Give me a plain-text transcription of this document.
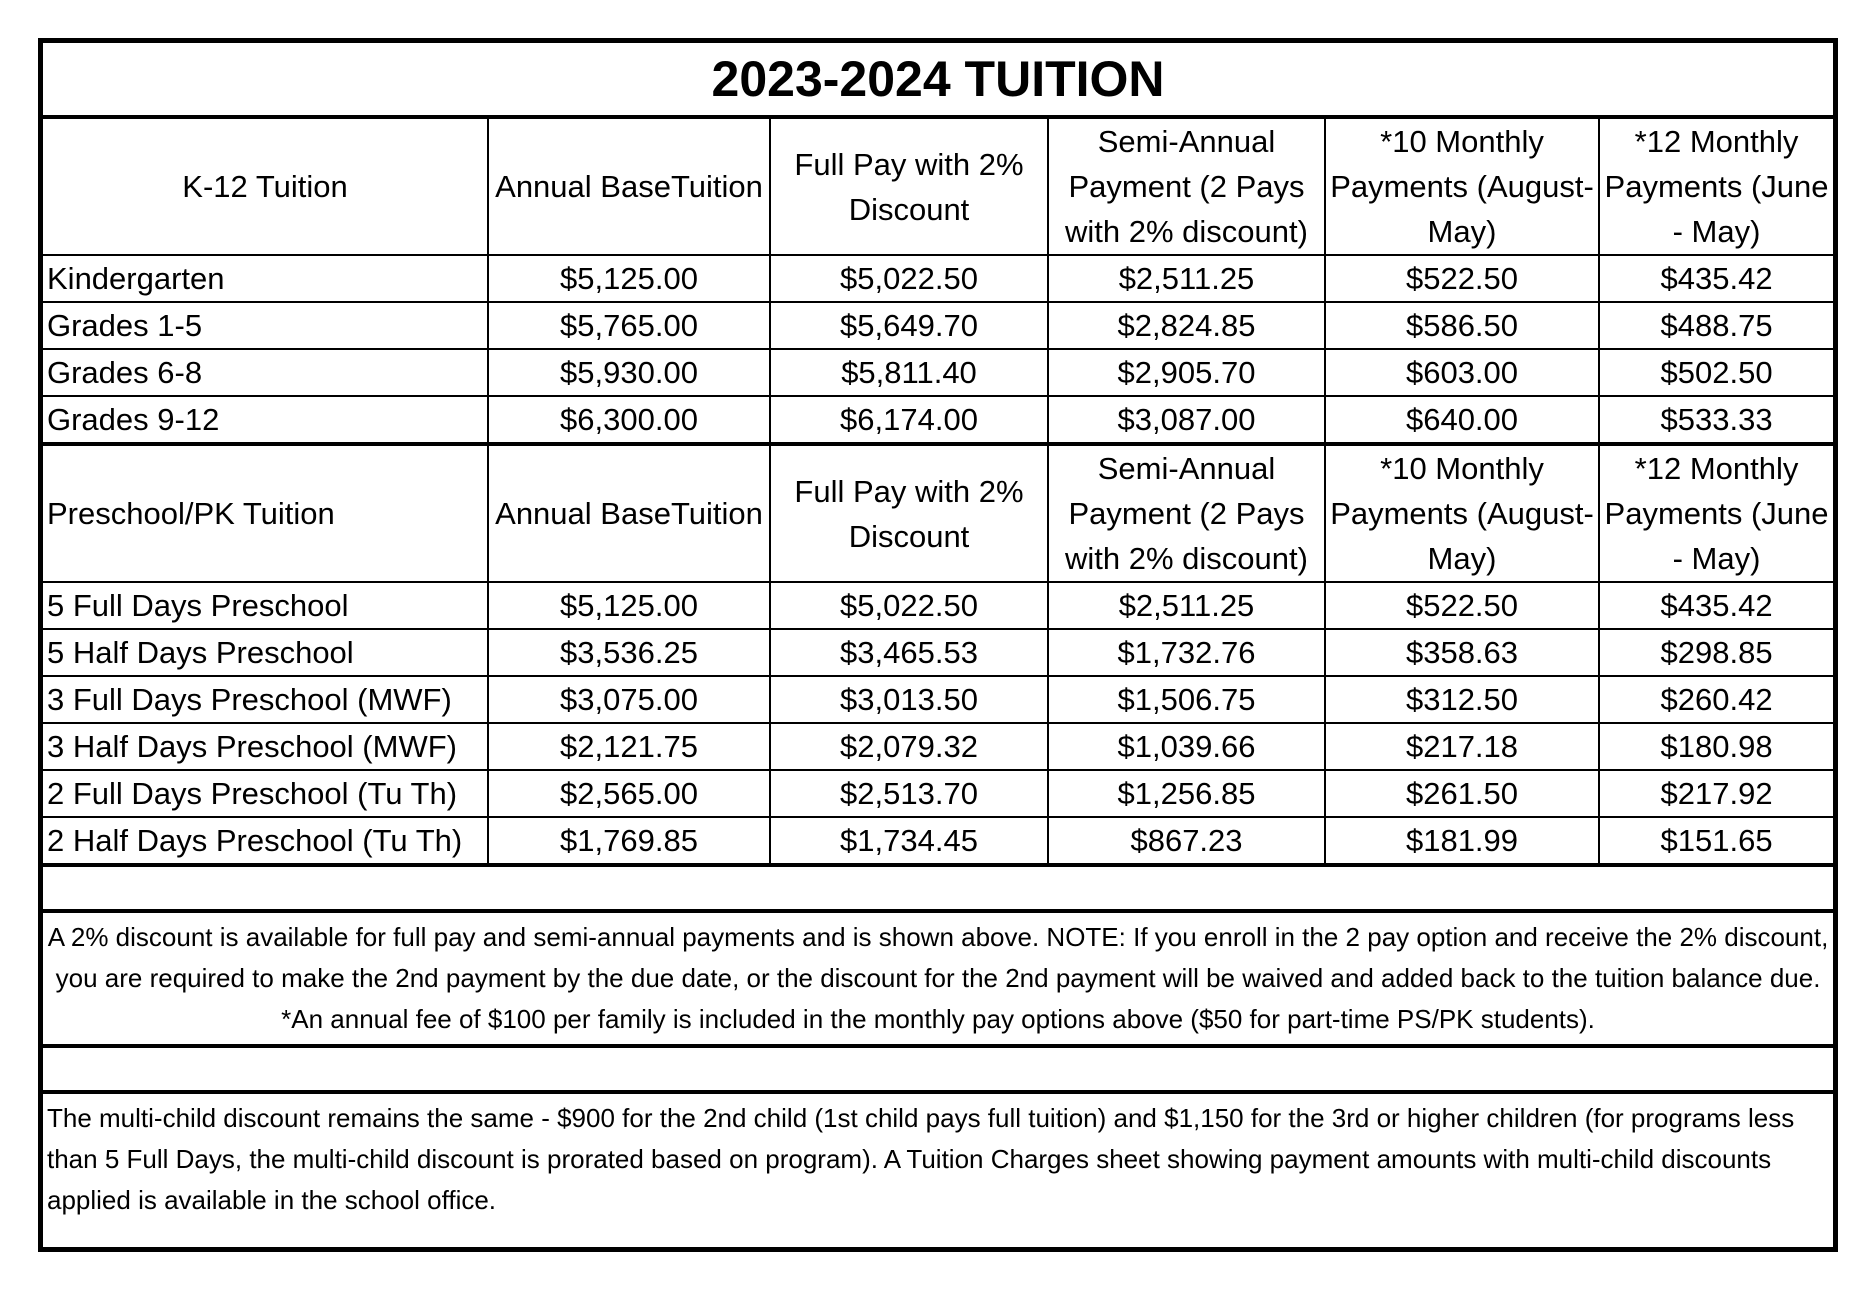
2023-2024 TUITION					
K-12 Tuition	Annual BaseTuition	Full Pay with 2% Discount	Semi-Annual Payment (2 Pays with 2% discount)	*10 Monthly Payments (August-May)	*12 Monthly Payments (June - May)
Kindergarten	$5,125.00	$5,022.50	$2,511.25	$522.50	$435.42
Grades 1-5	$5,765.00	$5,649.70	$2,824.85	$586.50	$488.75
Grades 6-8	$5,930.00	$5,811.40	$2,905.70	$603.00	$502.50
Grades 9-12	$6,300.00	$6,174.00	$3,087.00	$640.00	$533.33
Preschool/PK Tuition	Annual BaseTuition	Full Pay with 2% Discount	Semi-Annual Payment (2 Pays with 2% discount)	*10 Monthly Payments (August-May)	*12 Monthly Payments (June - May)
5 Full Days Preschool	$5,125.00	$5,022.50	$2,511.25	$522.50	$435.42
5 Half Days Preschool	$3,536.25	$3,465.53	$1,732.76	$358.63	$298.85
3 Full Days Preschool (MWF)	$3,075.00	$3,013.50	$1,506.75	$312.50	$260.42
3 Half Days Preschool (MWF)	$2,121.75	$2,079.32	$1,039.66	$217.18	$180.98
2 Full Days Preschool (Tu Th)	$2,565.00	$2,513.70	$1,256.85	$261.50	$217.92
2 Half Days Preschool (Tu Th)	$1,769.85	$1,734.45	$867.23	$181.99	$151.65

A 2% discount is available for full pay and semi-annual payments and is shown above. NOTE: If you enroll in the 2 pay option and receive the 2% discount, you are required to make the 2nd payment by the due date, or the discount for the 2nd payment will be waived and added back to the tuition balance due. *An annual fee of $100 per family is included in the monthly pay options above ($50 for part-time PS/PK students).					

The multi-child discount remains the same - $900 for the 2nd child (1st child pays full tuition) and $1,150 for the 3rd or higher children (for programs less than 5 Full Days, the multi-child discount is prorated based on program). A Tuition Charges sheet showing payment amounts with multi-child discounts applied is available in the school office.					
